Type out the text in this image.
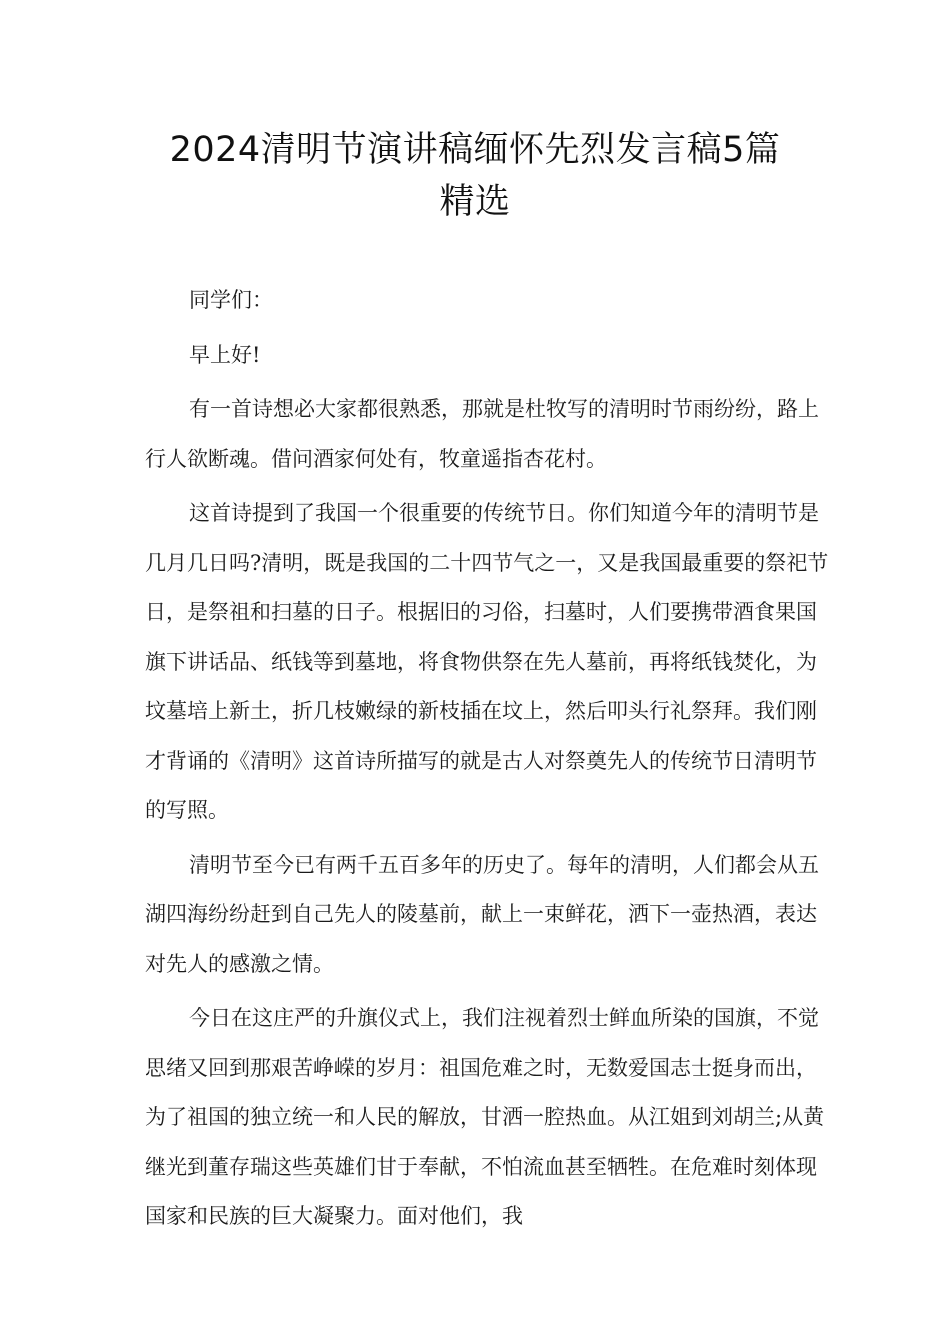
2024清明节演讲稿缅怀先烈发言稿5篇
精选

同学们：

早上好!

有一首诗想必大家都很熟悉，那就是杜牧写的清明时节雨纷纷，路上行人欲断魂。借问酒家何处有，牧童遥指杏花村。

这首诗提到了我国一个很重要的传统节日。你们知道今年的清明节是几月几日吗?清明，既是我国的二十四节气之一，又是我国最重要的祭祀节日，是祭祖和扫墓的日子。根据旧的习俗，扫墓时，人们要携带酒食果国旗下讲话品、纸钱等到墓地，将食物供祭在先人墓前，再将纸钱焚化，为坟墓培上新土，折几枝嫩绿的新枝插在坟上，然后叩头行礼祭拜。我们刚才背诵的《清明》这首诗所描写的就是古人对祭奠先人的传统节日清明节的写照。

清明节至今已有两千五百多年的历史了。每年的清明，人们都会从五湖四海纷纷赶到自己先人的陵墓前，献上一束鲜花，洒下一壶热酒，表达对先人的感激之情。

今日在这庄严的升旗仪式上，我们注视着烈士鲜血所染的国旗，不觉思绪又回到那艰苦峥嵘的岁月：祖国危难之时，无数爱国志士挺身而出，为了祖国的独立统一和人民的解放，甘洒一腔热血。从江姐到刘胡兰;从黄继光到董存瑞这些英雄们甘于奉献，不怕流血甚至牺牲。在危难时刻体现国家和民族的巨大凝聚力。面对他们，我
